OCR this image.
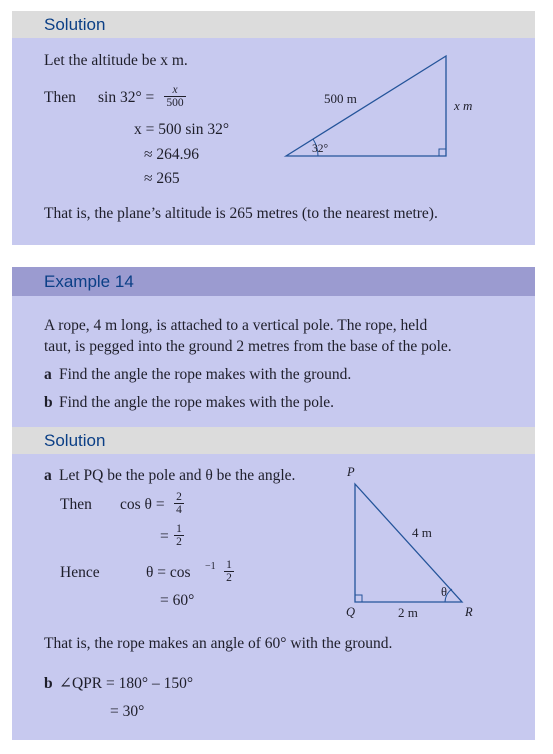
Solution
Let the altitude be x m.
Then sin 32° =	x
500
x = 500 sin 32°
≈ 264.96
≈ 265
That is, the plane’s altitude is 265 metres (to the nearest metre).
500 m	x m
32°
Example 14
A rope, 4 m long, is attached to a vertical pole. The rope, held
taut, is pegged into the ground 2 metres from the base of the pole.
a Find the angle the rope makes with the ground.
b Find the angle the rope makes with the pole.
Solution
a Let PQ be the pole and θ be the angle.
Then cos θ =	2
4
= 1
2
Hence	θ = cos −1 1
2
= 60°
That is, the rope makes an angle of 60° with the ground.
b ∠QPR = 180° – 150°
= 30°
P
Q	R
4 m
2 m
θ
